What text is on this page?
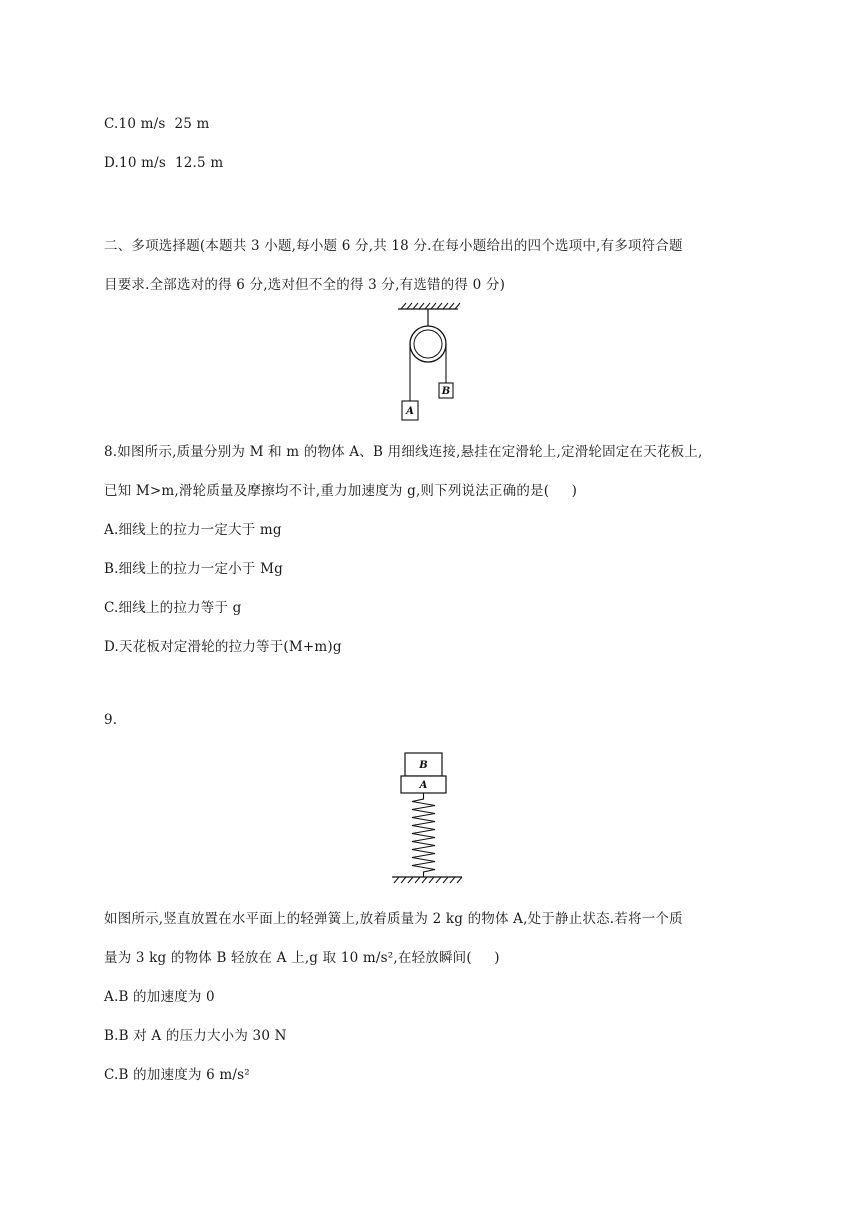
C.10 m/s  25 m
D.10 m/s  12.5 m
二、多项选择题(本题共 3 小题,每小题 6 分,共 18 分.在每小题给出的四个选项中,有多项符合题
目要求.全部选对的得 6 分,选对但不全的得 3 分,有选错的得 0 分)
A
B
8.如图所示,质量分别为 M 和 m 的物体 A、B 用细线连接,悬挂在定滑轮上,定滑轮固定在天花板上,
已知 M>m,滑轮质量及摩擦均不计,重力加速度为 g,则下列说法正确的是(     )
A.细线上的拉力一定大于 mg
B.细线上的拉力一定小于 Mg
C.细线上的拉力等于 g
D.天花板对定滑轮的拉力等于(M+m)g
9.
B
A
如图所示,竖直放置在水平面上的轻弹簧上,放着质量为 2 kg 的物体 A,处于静止状态.若将一个质
量为 3 kg 的物体 B 轻放在 A 上,g 取 10 m/s²,在轻放瞬间(     )
A.B 的加速度为 0
B.B 对 A 的压力大小为 30 N
C.B 的加速度为 6 m/s²
